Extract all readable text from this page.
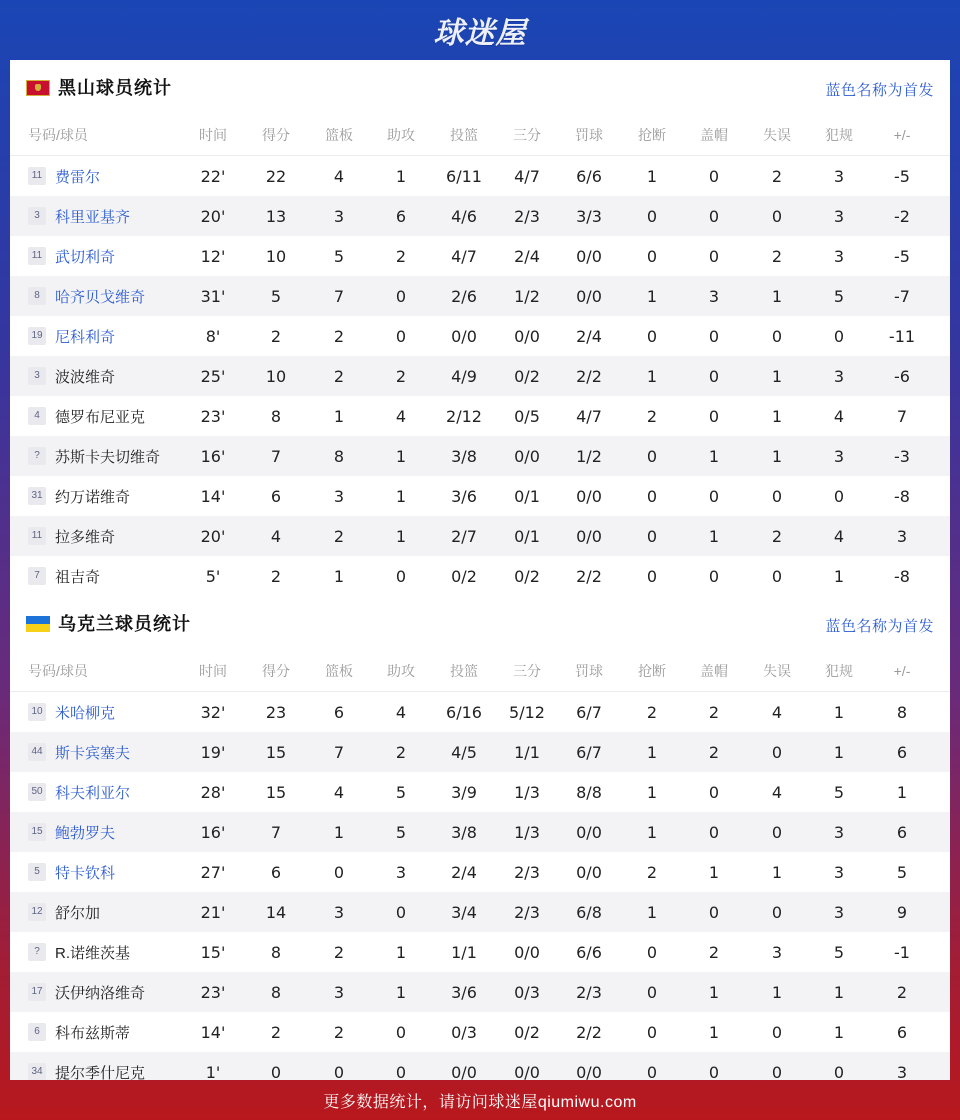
球迷屋
黑山球员统计	蓝色名称为首发
号码/球员	时间	得分	篮板	助攻	投篮	三分	罚球	抢断	盖帽	失误	犯规	+/-
11 费雷尔	22'	22	4	1	6/11	4/7	6/6	1	0	2	3	-5
3	科里亚基齐	20'	13	3	6	4/6	2/3	3/3	0	0	0	3	-2
11 武切利奇	12'	10	5	2	4/7	2/4	0/0	0	0	2	3	-5
8	哈齐贝戈维奇	31'	5	7	0	2/6	1/2	0/0	1	3	1	5	-7
19 尼科利奇	8'	2	2	0	0/0	0/0	2/4	0	0	0	0	-11
3	波波维奇	25'	10	2	2	4/9	0/2	2/2	1	0	1	3	-6
4	德罗布尼亚克	23'	8	1	4	2/12	0/5	4/7	2	0	1	4	7
?	苏斯卡夫切维奇	16'	7	8	1	3/8	0/0	1/2	0	1	1	3	-3
31 约万诺维奇	14'	6	3	1	3/6	0/1	0/0	0	0	0	0	-8
11 拉多维奇	20'	4	2	1	2/7	0/1	0/0	0	1	2	4	3
7	祖吉奇	5'	2	1	0	0/2	0/2	2/2	0	0	0	1	-8
乌克兰球员统计	蓝色名称为首发
号码/球员	时间	得分	篮板	助攻	投篮	三分	罚球	抢断	盖帽	失误	犯规	+/-
10 米哈柳克	32'	23	6	4	6/16	5/12	6/7	2	2	4	1	8
44 斯卡宾塞夫	19'	15	7	2	4/5	1/1	6/7	1	2	0	1	6
50 科夫利亚尔	28'	15	4	5	3/9	1/3	8/8	1	0	4	5	1
15 鲍勃罗夫	16'	7	1	5	3/8	1/3	0/0	1	0	0	3	6
5	特卡钦科	27'	6	0	3	2/4	2/3	0/0	2	1	1	3	5
12 舒尔加	21'	14	3	0	3/4	2/3	6/8	1	0	0	3	9
?	R.诺维茨基	15'	8	2	1	1/1	0/0	6/6	0	2	3	5	-1
17 沃伊纳洛维奇	23'	8	3	1	3/6	0/3	2/3	0	1	1	1	2
6	科布兹斯蒂	14'	2	2	0	0/3	0/2	2/2	0	1	0	1	6
34 提尔季什尼克	1'	0	0	0	0/0	0/0	0/0	0	0	0	0	3
更多数据统计，请访问球迷屋qiumiwu.com
